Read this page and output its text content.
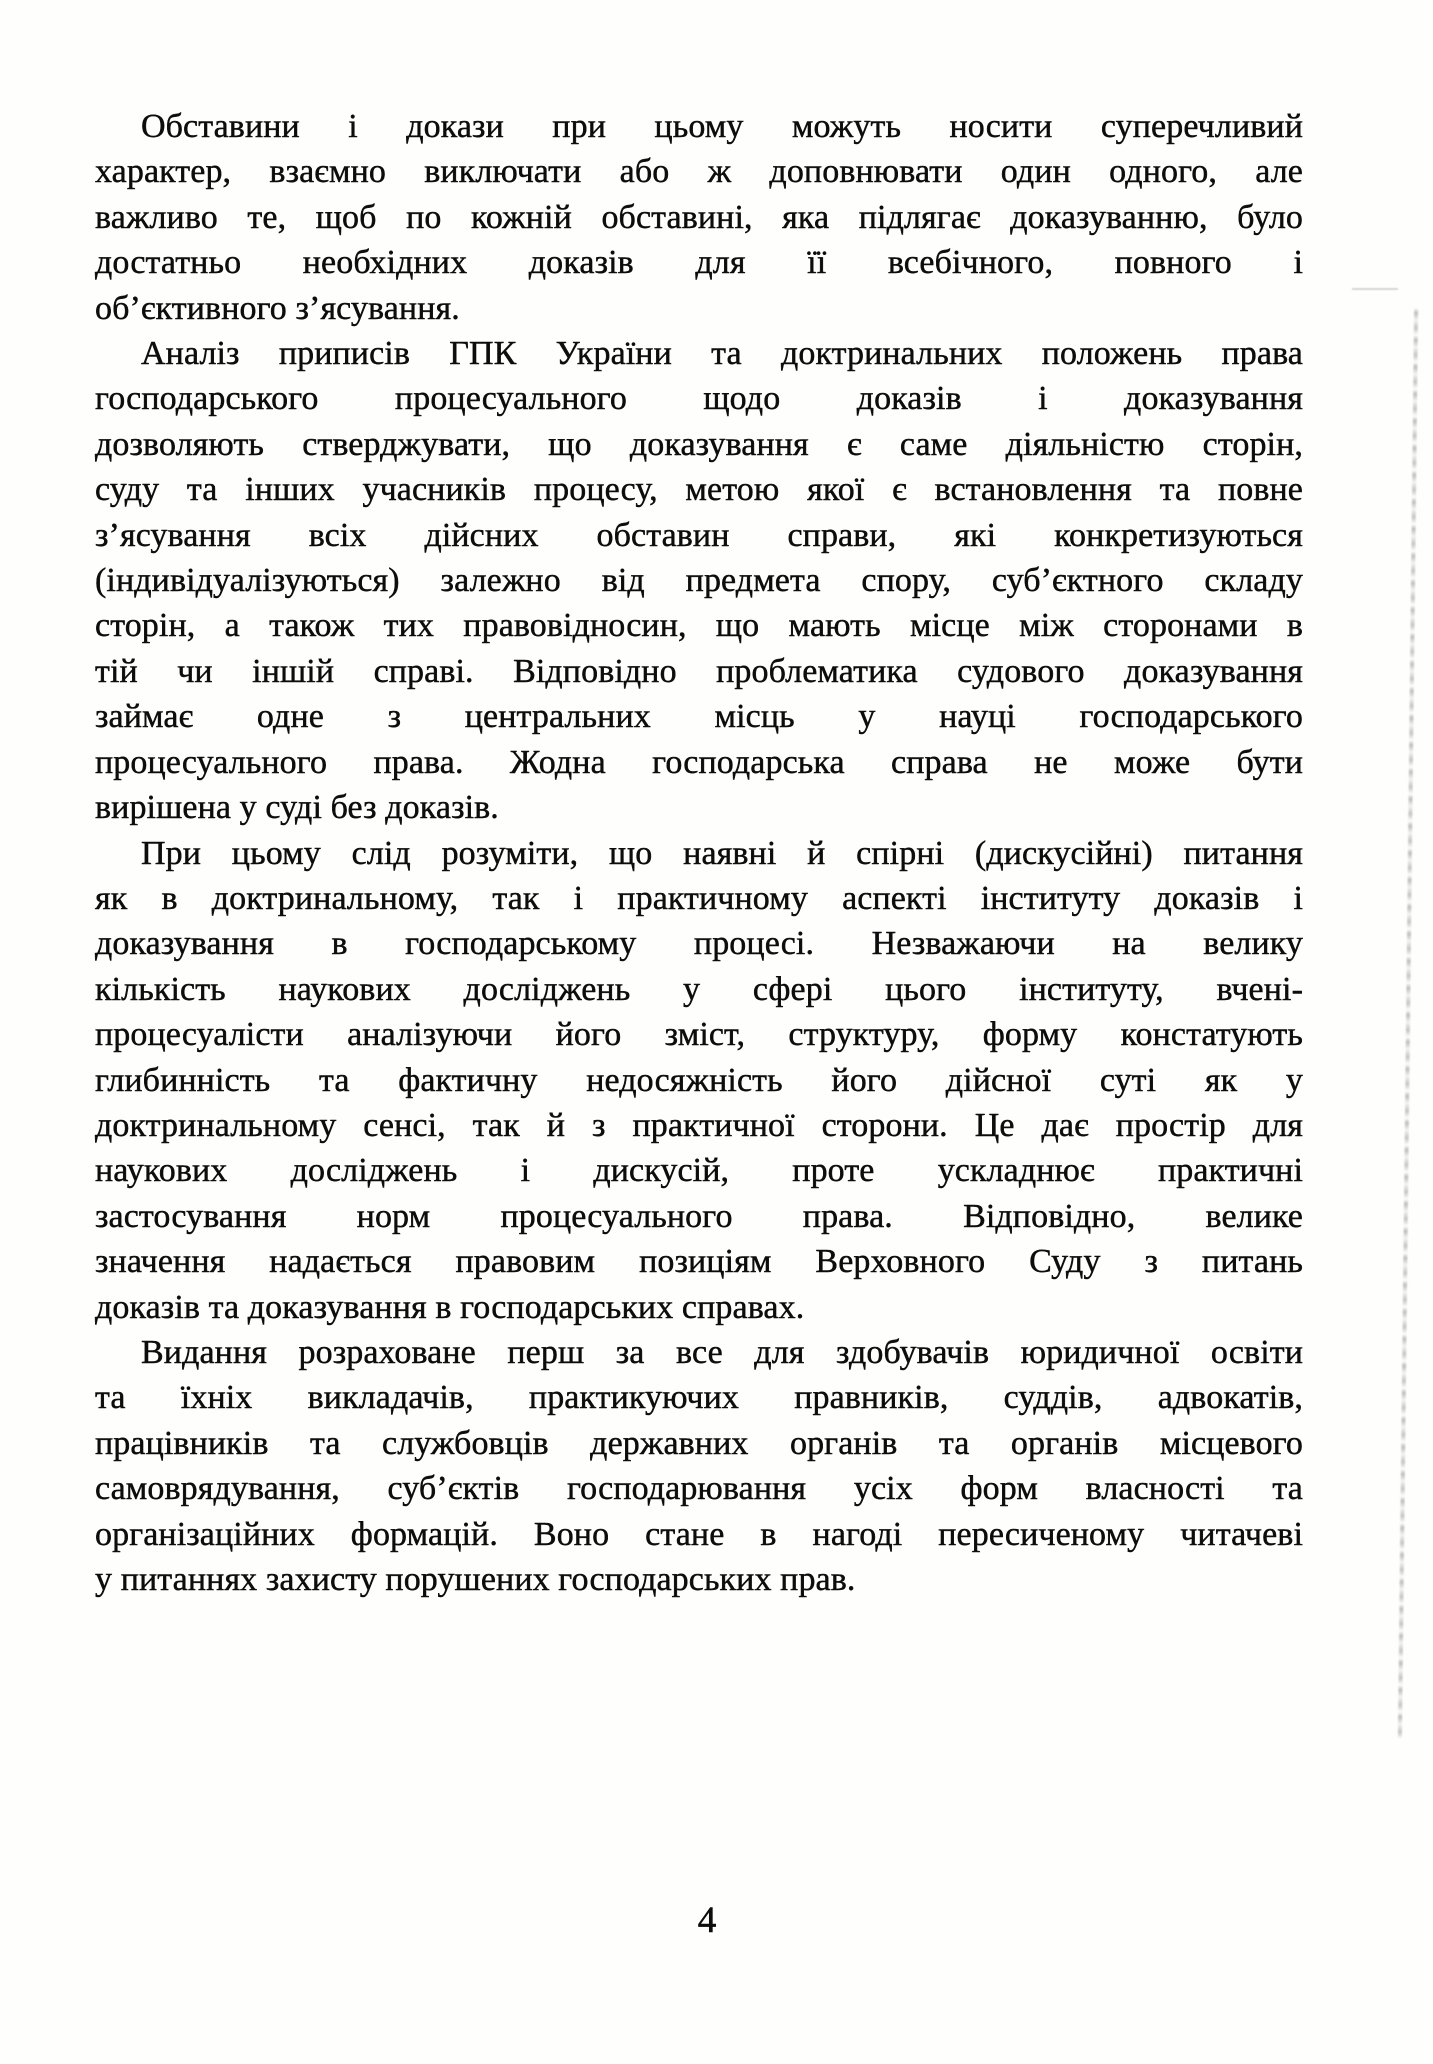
Обставини і докази при цьому можуть носити суперечливий
характер, взаємно виключати або ж доповнювати один одного, але
важливо те, щоб по кожній обставині, яка підлягає доказуванню, було
достатньо необхідних доказів для її всебічного, повного і
об’єктивного з’ясування.
Аналіз приписів ГПК України та доктринальних положень права
господарського процесуального щодо доказів і доказування
дозволяють стверджувати, що доказування є саме діяльністю сторін,
суду та інших учасників процесу, метою якої є встановлення та повне
з’ясування всіх дійсних обставин справи, які конкретизуються
(індивідуалізуються) залежно від предмета спору, суб’єктного складу
сторін, а також тих правовідносин, що мають місце між сторонами в
тій чи іншій справі. Відповідно проблематика судового доказування
займає одне з центральних місць у науці господарського
процесуального права. Жодна господарська справа не може бути
вирішена у суді без доказів.
При цьому слід розуміти, що наявні й спірні (дискусійні) питання
як в доктринальному, так і практичному аспекті інституту доказів і
доказування в господарському процесі. Незважаючи на велику
кількість наукових досліджень у сфері цього інституту, вчені-
процесуалісти аналізуючи його зміст, структуру, форму констатують
глибинність та фактичну недосяжність його дійсної суті як у
доктринальному сенсі, так й з практичної сторони. Це дає простір для
наукових досліджень і дискусій, проте ускладнює практичні
застосування норм процесуального права. Відповідно, велике
значення надається правовим позиціям Верховного Суду з питань
доказів та доказування в господарських справах.
Видання розраховане перш за все для здобувачів юридичної освіти
та їхніх викладачів, практикуючих правників, суддів, адвокатів,
працівників та службовців державних органів та органів місцевого
самоврядування, суб’єктів господарювання усіх форм власності та
організаційних формацій. Воно стане в нагоді пересиченому читачеві
у питаннях захисту порушених господарських прав.
4
